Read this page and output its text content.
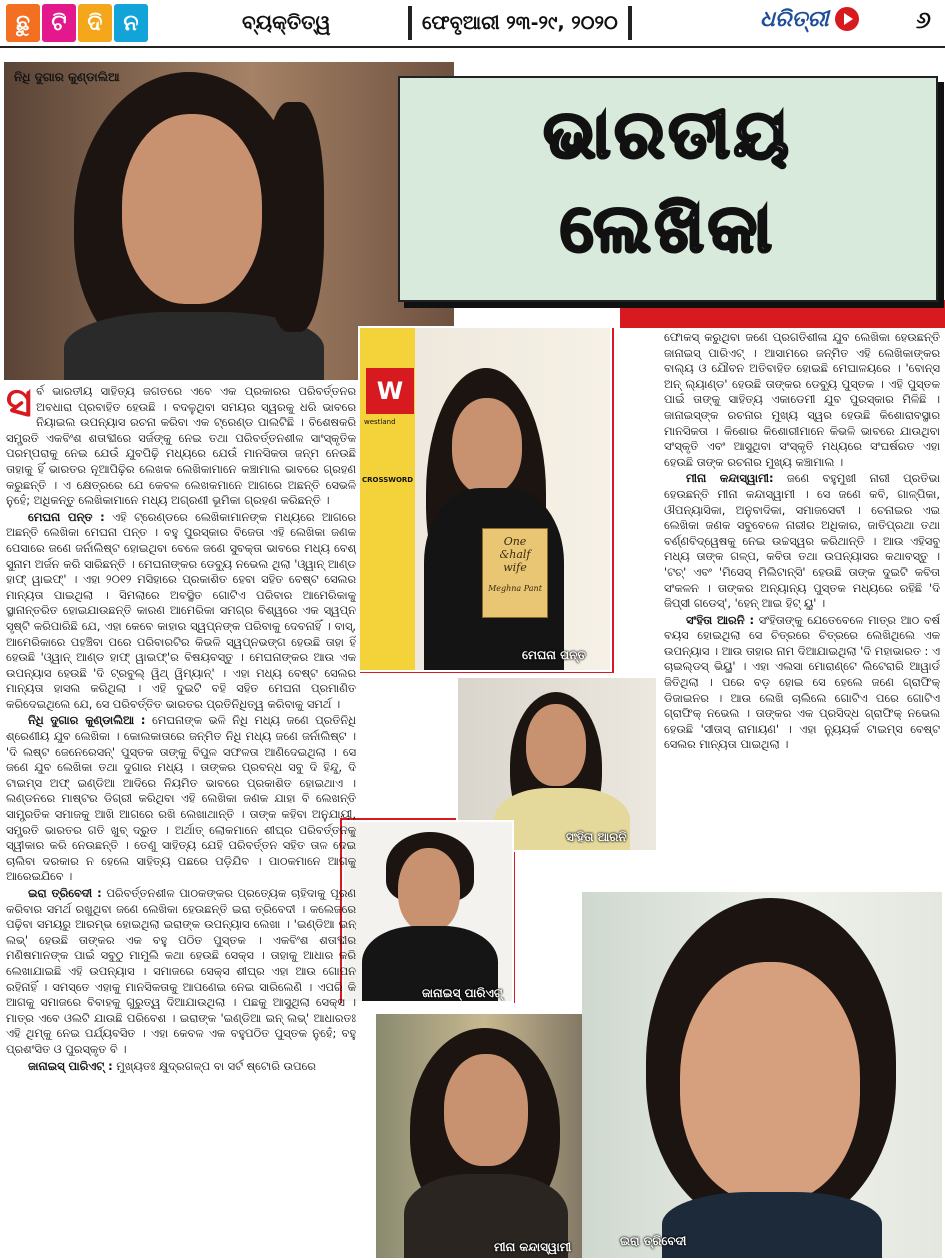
ଛୁ ଟି ଦି ନ	ବ୍ୟକ୍ତିତ୍ୱ	ଫେବୃଆରୀ ୨୩-୨୯, ୨୦୨୦	ଧରିତ୍ରୀ	୬
ନିଧି ଦୁଗାର କୁଣ୍ଡାଲିଆ
ଭାରତୀୟ
ଲେଖିକା
W
westland
CROSSWORD
One
&half
wife
Meghna Pant
ମେଘନା ପନ୍ତ
ସଂହିତା ଆରନି
ଜାନାଇସ୍ ପାରିଏଟ୍
ମୀନା କନ୍ଦାସ୍ୱାମୀ	ଇରା ତ୍ରିବେଦୀ

ସ ର୍ବ ଭାରତୀୟ ସାହିତ୍ୟ ଜଗତରେ ଏବେ ଏକ ପ୍ରକାରର ପରିବର୍ତ୍ତନର ଅବଧାରା ପ୍ରବାହିତ ହେଉଛି । ବଦଳୁଥିବା ସମୟର ସ୍ୱରକୁ ଧରି ଭାବରେ ନିୟାଇଲ ଉପନ୍ୟାସ ରଚନା କରିବା ଏକ ଟ୍ରେଣ୍ଡ ପାଲଟିଛି । ବିଶେଷକରି ସମ୍ପ୍ରତି ଏକବିଂଶ ଶତାବ୍ଦୀରେ ସର୍ଜଙ୍କୁ ନେଇ ତଥା ପରିବର୍ତ୍ତନଶୀଳ ସାଂସ୍କୃତିକ ପରମ୍ପରାକୁ ନେଇ ଯେଉଁ ଯୁବପିଢ଼ି ମଧ୍ୟରେ ଯେଉଁ ମାନସିକତା ଜନ୍ମ ନେଉଛି ତାହାକୁ ହିଁ ଭାରତର ନୂଆପିଢ଼ିର ଲେଖକ ଲେଖିକାମାନେ କଞ୍ଚାମାଲ ଭାବରେ ଗ୍ରହଣ କରୁଛନ୍ତି । ଏ କ୍ଷେତ୍ରରେ ଯେ କେବଳ ଲେଖକମାନେ ଆଗରେ ଅଛନ୍ତି ସେଭଳି ନୁହେଁ; ଅଧିକନ୍ତୁ ଲେଖିକାମାନେ ମଧ୍ୟ ଅଗ୍ରଣୀ ଭୂମିକା ଗ୍ରହଣ କରିଛନ୍ତି ।

ମେଘନା ପନ୍ତ : ଏହି ଟ୍ରେଣ୍ଡରେ ଲେଖିକାମାନଙ୍କ ମଧ୍ୟରେ ଆଗରେ ଅଛନ୍ତି ଲେଖିକା ମେଘନା ପନ୍ତ । ବହୁ ପୁରସ୍କାର ବିଜେତା ଏହି ଲେଖିକା ଜଣକ ପେସାରେ ଜଣେ ଜର୍ନାଲିଷ୍ଟ ହୋଇଥିବା ବେଳେ ଜଣେ ସୁବକ୍ତା ଭାବରେ ମଧ୍ୟ ବେଶ୍ ସୁନାମ ଅର୍ଜନ କରି ସାରିଛନ୍ତି । ମେଘନାଙ୍କର ଡେବ୍ୟୁ ନଭେଲ ଥିଲା 'ଓ୍ୱାନ୍ ଆଣ୍ଡ ହାଫ୍ ୱାଇଫ୍' । ଏହା ୨୦୧୨ ମସିହାରେ ପ୍ରକାଶିତ ହେବା ସହିତ ବେଷ୍ଟ ସେଲର ମାନ୍ୟତା ପାଇଥିଲା । ସିମଲାରେ ଅବସ୍ଥିତ ଗୋଟିଏ ପରିବାର ଆମେରିକାକୁ ସ୍ଥାନାନ୍ତରିତ ହୋଇଯାଉଛନ୍ତି କାରଣ ଆମେରିକା ସମଗ୍ର ବିଶ୍ୱରେ ଏକ ସ୍ୱପ୍ନ ସୃଷ୍ଟି କରିପାରିଛି ଯେ, ଏହା କେବେ କାହାର ସ୍ୱପ୍ନଙ୍କ ପରିବାକୁ ଦେବନାହିଁ । ବାସ୍, ଆମେରିକାରେ ପହଞ୍ଚିବା ପରେ ପରିବାରଟିର କିଭଳି ସ୍ୱପ୍ନଭଙ୍ଗ ହେଉଛି ତାହା ହିଁ ହେଉଛି 'ଓ୍ୱାନ୍ ଆଣ୍ଡ ହାଫ୍ ୱାଇଫ୍'ର ବିଷୟବସ୍ତୁ । ମେଘନାଙ୍କର ଆଉ ଏକ ଉପନ୍ୟାସ ହେଉଛି 'ଦି ଟ୍ରବୁଲ୍ ୱିଥ୍ ୱିମ୍ୟାନ୍' । ଏହା ମଧ୍ୟ ବେଷ୍ଟ ସେଲର ମାନ୍ୟତା ହାସଲ କରିଥିଲା । ଏହି ଦୁଇଟି ବହି ସହିତ ମେଘନା ପ୍ରମାଣିତ କରିଦେଇଥିଲେ ଯେ, ସେ ପରିବର୍ତ୍ତିତ ଭାରତର ପ୍ରତିନିଧିତ୍ୱ କରିବାକୁ ସମର୍ଥ ।

ନିଧି ଦୁଗାର କୁଣ୍ଡାଲିଆ : ମେଘନାଙ୍କ ଭଳି ନିଧି ମଧ୍ୟ ଜଣେ ପ୍ରତିନିଧି ଶ୍ରେଣୀୟ ଯୁବ ଲେଖିକା । କୋଲକାତାରେ ଜନ୍ମିତ ନିଧି ମଧ୍ୟ ଜଣେ ଜର୍ନାଲିଷ୍ଟ । 'ଦି ଲଷ୍ଟ ଜେନେରେସନ୍' ପୁସ୍ତକ ତାଙ୍କୁ ବିପୁଳ ସଫଳତା ଆଣିଦେଇଥିଲା । ସେ ଜଣେ ଯୁବ ଲେଖିକା ତଥା ଦୁଗାର ମଧ୍ୟ । ତାଙ୍କର ପ୍ରବନ୍ଧ ସବୁ ଦି ହିନ୍ଦୁ, ଦି ଟାଇମ୍ସ ଅଫ୍ ଇଣ୍ଡିଆ ଆଦିରେ ନିୟମିତ ଭାବରେ ପ୍ରକାଶିତ ହୋଇଥାଏ । ଲଣ୍ଡନରେ ମାଷ୍ଟର ଡିଗ୍ରୀ କରିଥିବା ଏହି ଲେଖିକା ଜଣକ ଯାହା ବି ଲେଖନ୍ତି ସାମ୍ପ୍ରତିକ ସମାଜକୁ ଆଖି ଆଗରେ ରଖି ଲେଖାଥାନ୍ତି । ତାଙ୍କ କହିବା ଅନୁଯାୟୀ, ସମ୍ପ୍ରତି ଭାରତର ଗତି ଖୁବ୍ ଦ୍ରୁତ । ଅର୍ଥାତ୍ ଲୋକମାନେ ଶୀଘ୍ର ପରିବର୍ତ୍ତନକୁ ସ୍ୱୀକାର କରି ନେଉଛନ୍ତି । ତେଣୁ ସାହିତ୍ୟ ଯେହି ପରିବର୍ତ୍ତନ ସହିତ ତାଳ ଦେଇ ଚାଲିବା ଦରକାର ନ ହେଲେ ସାହିତ୍ୟ ପଛରେ ପଡ଼ିଯିବ । ପାଠକମାନେ ଆଗକୁ ଆରେଇଯିବେ ।

ଇରା ତ୍ରିବେଦୀ : ପରିବର୍ତ୍ତନଶୀଳ ପାଠକଙ୍କର ପ୍ରତ୍ୟେକ ଚାହିଦାକୁ ପୂରଣ କରିବାର ସମର୍ଥ ରଖୁଥିବା ଜଣେ ଲେଖିକା ହେଉଛନ୍ତି ଇରା ତ୍ରିବେଦୀ । କଲେଜରେ ପଢ଼ିବା ସମୟରୁ ଆରମ୍ଭ ହୋଇଥିଲା ଇରାଙ୍କ ଉପନ୍ୟାସ ଲେଖା । 'ଇଣ୍ଡିଆ ଇନ୍ ଲଭ୍' ହେଉଛି ତାଙ୍କର ଏକ ବହୁ ପଠିତ ପୁସ୍ତକ । ଏକବିଂଶ ଶତାବ୍ଦୀର ମଣିଷମାନଙ୍କ ପାଇଁ ସବୁଠୁ ମାମୁଲି କଥା ହେଉଛି ସେକ୍ସ । ତାହାକୁ ଆଧାର କରି ଲେଖାଯାଇଛି ଏହି ଉପନ୍ୟାସ । ସମାଜରେ ସେକ୍ସ ଶୀଘ୍ର ଏହା ଆଉ ଗୋପନ ରହିନାହିଁ । ସମସ୍ତେ ଏହାକୁ ମାନସିକତାକୁ ଆପଣେଇ ନେଇ ସାରିଲେଣି । ଏପରି କି ଆଗକୁ ସମାଜରେ ବିବାହକୁ ଗୁରୁତ୍ୱ ଦିଆଯାଉଥିଲା । ପଛକୁ ଆସୁଥିଲା ସେକ୍ସ । ମାତ୍ର ଏବେ ଓଲଟି ଯାଉଛି ପରିବେଶ । ଇରାଙ୍କ 'ଇଣ୍ଡିଆ ଇନ୍ ଲଭ୍' ଆଧାରତଃ ଏହି ଥିମ୍‌କୁ ନେଇ ପର୍ଯ୍ୟବସିତ । ଏହା କେବଳ ଏକ ବହୁପଠିତ ପୁସ୍ତକ ନୁହେଁ; ବହୁ ପ୍ରଶଂସିତ ଓ ପୁରସ୍କୃତ ବି ।

ଜାନାଇସ୍ ପାରିଏଟ୍ : ମୁଖ୍ୟତଃ କ୍ଷୁଦ୍ରଗଳ୍ପ ବା ସର୍ଟ ଷ୍ଟୋରି ଉପରେ

ଫୋକସ୍ କରୁଥିବା ଜଣେ ପ୍ରଗତିଶୀଳା ଯୁବ ଲେଖିକା ହେଉଛନ୍ତି ଜାନାଇସ୍ ପାରିଏଟ୍ । ଆସାମରେ ଜନ୍ମିତ ଏହି ଲେଖିକାଙ୍କର ବାଲ୍ୟ ଓ ଯୌବନ ଅତିବାହିତ ହୋଇଛି ମେଘାଳୟରେ । 'ବୋନ୍ସ ଅନ୍ ଲ୍ୟାଣ୍ଡ' ହେଉଛି ତାଙ୍କର ଡେବ୍ୟୁ ପୁସ୍ତକ । ଏହି ପୁସ୍ତକ ପାଇଁ ତାଙ୍କୁ ସାହିତ୍ୟ ଏକାଡେମୀ ଯୁବ ପୁରସ୍କାର ମିଳିଛି । ଜାନାଇସ୍‌ଙ୍କ ରଚନାର ମୁଖ୍ୟ ସ୍ୱର ହେଉଛି କିଶୋରାବସ୍ଥାର ମାନସିକତା । କିଶୋର କିଶୋରୀମାନେ କିଭଳି ଭାବରେ ଯାଉଥିବା ସଂସ୍କୃତି ଏବଂ ଆସୁଥିବା ସଂସ୍କୃତି ମଧ୍ୟରେ ସଂଘର୍ଷରତ ଏହା ହେଉଛି ତାଙ୍କ ରଚନାର ମୁଖ୍ୟ କଞ୍ଚାମାଲ ।

ମୀନା କନ୍ଦାସ୍ୱାମୀ: ଜଣେ ବହୁମୁଖୀ ନାରୀ ପ୍ରତିଭା ହେଉଛନ୍ତି ମୀନା କନ୍ଦାସ୍ୱାମୀ । ସେ ଜଣେ କବି, ଗାଳ୍ପିକା, ଔପନ୍ୟାସିକା, ଅନୁବାଦିକା, ସମାଜସେବୀ । ଚେନାଇର ଏଇ ଲେଖିକା ଜଣକ ସବୁବେଳେ ନାରୀର ଅଧିକାର, ଜାତିପ୍ରଥା ତଥା ବର୍ଣ୍ଣବିଦ୍ୱେଷକୁ ନେଇ ଉଚ୍ଚସ୍ୱର କରିଥାନ୍ତି । ଆଉ ଏହିସବୁ ମଧ୍ୟ ତାଙ୍କ ଗଳ୍ପ, କବିତା ତଥା ଉପନ୍ୟାସର କଥାବସ୍ତୁ । 'ଟଚ୍' ଏବଂ 'ମିସେସ୍ ମିଲିଟାନ୍ସି' ହେଉଛି ତାଙ୍କ ଦୁଇଟି କବିତା ସଂକଳନ । ତାଙ୍କର ଅନ୍ୟାନ୍ୟ ପୁସ୍ତକ ମଧ୍ୟରେ ରହିଛି 'ଦି ଜିପ୍ସୀ ଗଡେସ୍', 'ହେନ୍ ଆଇ ହିଟ୍ ୟୁ' ।

ସଂହିତା ଆରନି : ସଂହିତାଙ୍କୁ ଯେତେବେଳେ ମାତ୍ର ଆଠ ବର୍ଷ ବୟସ ହୋଇଥିଲା ସେ ଚିତ୍ରରେ ଚିତ୍ରରେ ଲେଖିଥିଲେ ଏକ ଉପନ୍ୟାସ । ଆଉ ତାହାର ନାମ ଦିଆଯାଇଥିଲା 'ଦି ମହାଭାରତ : ଏ ଚାଇଲ୍ଡସ୍ ଭିୟୁ' । ଏହା ଏଲସା ମୋରାଣ୍ଟେ ଲିଟେରାରି ଆୱାର୍ଡ ଜିତିଥିଲା । ପରେ ବଡ଼ ହୋଇ ସେ ହେଲେ ଜଣେ ଗ୍ରାଫିକ୍ ଡିଜାଇନର । ଆଉ ଲେଖି ଚାଲିଲେ ଗୋଟିଏ ପରେ ଗୋଟିଏ ଗ୍ରାଫିକ୍ ନଭେଲ । ତାଙ୍କର ଏକ ପ୍ରସିଦ୍ଧ ଗ୍ରାଫିକ୍ ନଭେଲ ହେଉଛି 'ସୀତାସ୍ ରାମାୟଣ' । ଏହା ନ୍ୟୁୟର୍କ ଟାଇମ୍ସ ବେଷ୍ଟ ସେଲର ମାନ୍ୟତା ପାଇଥିଲା ।
